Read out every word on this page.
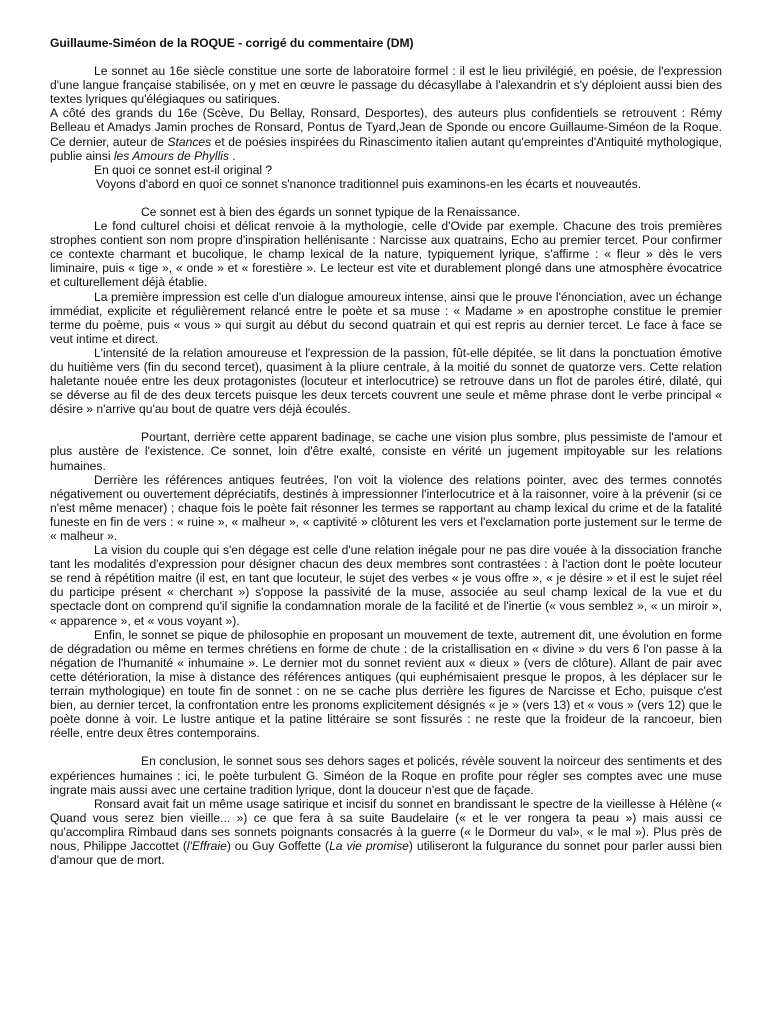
Guillaume-Siméon de la ROQUE - corrigé du commentaire (DM)

Le sonnet au 16e siècle constitue une sorte de laboratoire formel : il est le lieu privilégié, en poésie, de l'expression d'une langue française stabilisée, on y met en œuvre le passage du décasyllabe à l'alexandrin et s'y déploient aussi bien des textes lyriques qu'élégiaques ou satiriques.

A côté des grands du 16e (Scève, Du Bellay, Ronsard, Desportes), des auteurs plus confidentiels se retrouvent : Rémy Belleau et Amadys Jamin proches de Ronsard, Pontus de Tyard,Jean de Sponde ou encore Guillaume-Siméon de la Roque. Ce dernier, auteur de Stances et de poésies inspirées du Rinascimento italien autant qu'empreintes d'Antiquité mythologique, publie ainsi les Amours de Phyllis .

En quoi ce sonnet est-il original ?

Voyons d'abord en quoi ce sonnet s'nanonce traditionnel puis examinons-en les écarts et nouveautés.

Ce sonnet est à bien des égards un sonnet typique de la Renaissance.

Le fond culturel choisi et délicat renvoie à la mythologie, celle d'Ovide par exemple. Chacune des trois premières strophes contient son nom propre d'inspiration hellénisante : Narcisse aux quatrains, Echo au premier tercet. Pour confirmer ce contexte charmant et bucolique, le champ lexical de la nature, typiquement lyrique, s'affirme : « fleur » dès le vers liminaire, puis « tige », « onde » et « forestière ». Le lecteur est vite et durablement plongé dans une atmosphère évocatrice et culturellement déjà établie.

La première impression est celle d'un dialogue amoureux intense, ainsi que le prouve l'énonciation, avec un échange immédiat, explicite et régulièrement relancé entre le poète et sa muse : « Madame » en apostrophe constitue le premier terme du poème, puis « vous » qui surgit au début du second quatrain et qui est repris au dernier tercet. Le face à face se veut intime et direct.

L'intensité de la relation amoureuse et l'expression de la passion, fût-elle dépitée, se lit dans la ponctuation émotive du huitième vers (fin du second tercet), quasiment à la pliure centrale, à la moitié du sonnet de quatorze vers. Cette relation haletante nouée entre les deux protagonistes (locuteur et interlocutrice) se retrouve dans un flot de paroles étiré, dilaté, qui se déverse au fil de des deux tercets puisque les deux tercets couvrent une seule et même phrase dont le verbe principal « désire » n'arrive qu'au bout de quatre vers déjà écoulés.

Pourtant, derrière cette apparent badinage, se cache une vision plus sombre, plus pessimiste de l'amour et plus austère de l'existence. Ce sonnet, loin d'être exalté, consiste en vérité un jugement impitoyable sur les relations humaines.

Derrière les références antiques feutrées, l'on voit la violence des relations pointer, avec des termes connotés négativement ou ouvertement dépréciatifs, destinés à impressionner l'interlocutrice et à la raisonner, voire à la prévenir (si ce n'est même menacer) ; chaque fois le poète fait résonner les termes se rapportant au champ lexical du crime et de la fatalité funeste en fin de vers : « ruine », « malheur », « captivité » clôturent les vers et l'exclamation porte justement sur le terme de « malheur ».

La vision du couple qui s'en dégage est celle d'une relation inégale pour ne pas dire vouée à la dissociation franche tant les modalités d'expression pour désigner chacun des deux membres sont contrastées : à l'action dont le poète locuteur se rend à répétition maitre (il est, en tant que locuteur, le sujet des verbes « je vous offre », « je désire » et il est le sujet réel du participe présent « cherchant ») s'oppose la passivité de la muse, associée au seul champ lexical de la vue et du spectacle dont on comprend qu'il signifie la condamnation morale de la facilité et de l'inertie (« vous semblez », « un miroir », « apparence », et « vous voyant »).

Enfin, le sonnet se pique de philosophie en proposant un mouvement de texte, autrement dit, une évolution en forme de dégradation ou même en termes chrétiens en forme de chute : de la cristallisation en « divine » du vers 6 l'on passe à la négation de l'humanité « inhumaine ». Le dernier mot du sonnet revient aux « dieux » (vers de clôture). Allant de pair avec cette détérioration, la mise à distance des références antiques (qui euphémisaient presque le propos, à les déplacer sur le terrain mythologique) en toute fin de sonnet : on ne se cache plus derrière les figures de Narcisse et Echo, puisque c'est bien, au dernier tercet, la confrontation entre les pronoms explicitement désignés « je » (vers 13) et « vous » (vers 12) que le poète donne à voir. Le lustre antique et la patine littéraire se sont fissurés : ne reste que la froideur de la rancoeur, bien réelle, entre deux êtres contemporains.

En conclusion, le sonnet sous ses dehors sages et policés, révèle souvent la noirceur des sentiments et des expériences humaines : ici, le poète turbulent G. Siméon de la Roque en profite pour régler ses comptes avec une muse ingrate mais aussi avec une certaine tradition lyrique, dont la douceur n'est que de façade.

Ronsard avait fait un même usage satirique et incisif du sonnet en brandissant le spectre de la vieillesse à Hélène (« Quand vous serez bien vieille... ») ce que fera à sa suite Baudelaire (« et le ver rongera ta peau ») mais aussi ce qu'accomplira Rimbaud dans ses sonnets poignants consacrés à la guerre (« le Dormeur du val», « le mal »). Plus près de nous, Philippe Jaccottet (l'Effraie) ou Guy Goffette (La vie promise) utiliseront la fulgurance du sonnet pour parler aussi bien d'amour que de mort.
